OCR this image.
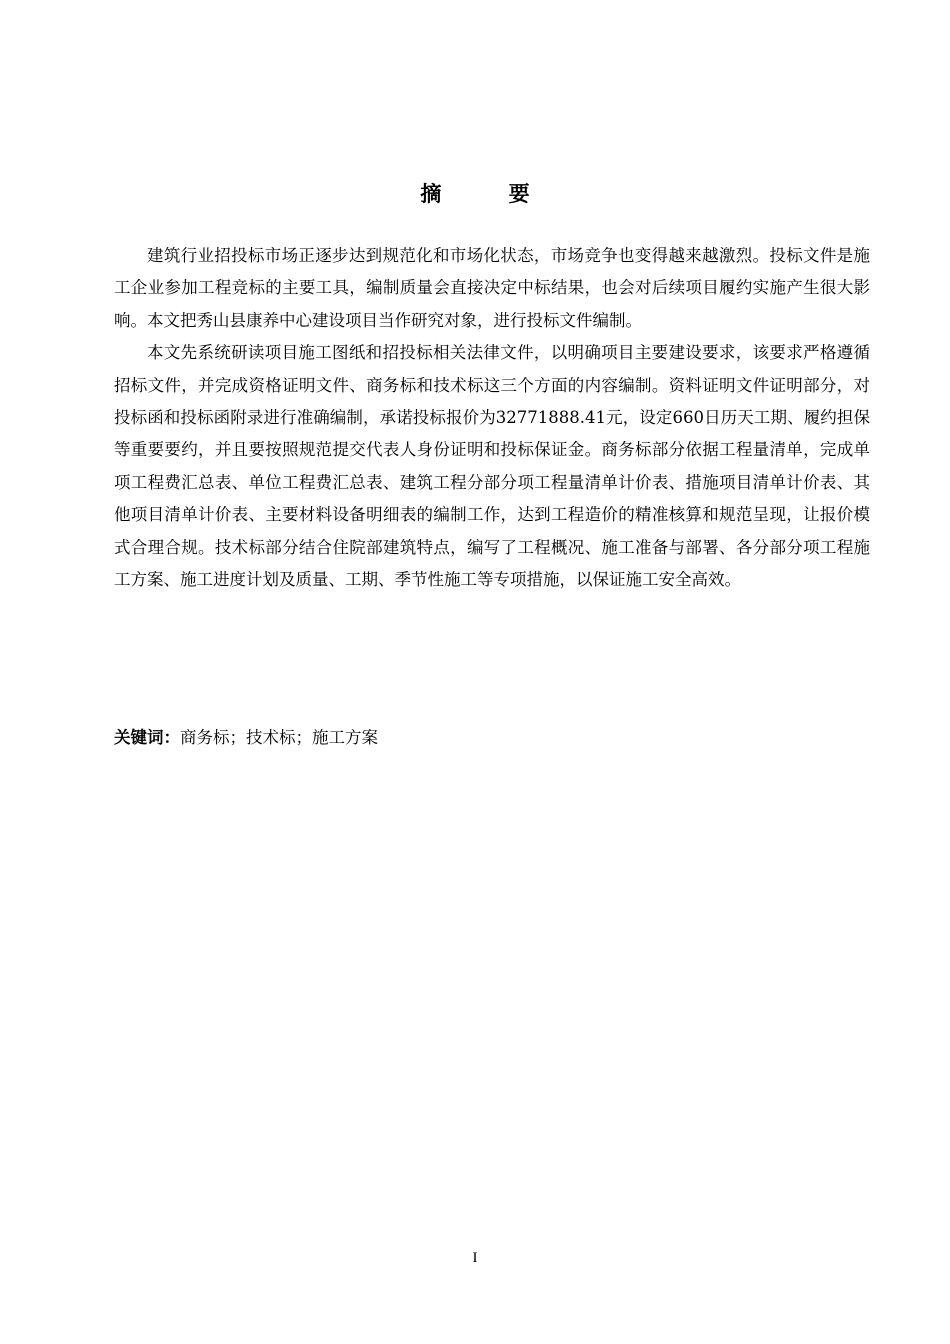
摘 要

建筑行业招投标市场正逐步达到规范化和市场化状态，市场竞争也变得越来越激烈。投标文件是施工企业参加工程竞标的主要工具，编制质量会直接决定中标结果，也会对后续项目履约实施产生很大影响。本文把秀山县康养中心建设项目当作研究对象，进行投标文件编制。

本文先系统研读项目施工图纸和招投标相关法律文件，以明确项目主要建设要求，该要求严格遵循招标文件，并完成资格证明文件、商务标和技术标这三个方面的内容编制。资料证明文件证明部分，对投标函和投标函附录进行准确编制，承诺投标报价为32771888.41元，设定660日历天工期、履约担保等重要要约，并且要按照规范提交代表人身份证明和投标保证金。商务标部分依据工程量清单，完成单项工程费汇总表、单位工程费汇总表、建筑工程分部分项工程量清单计价表、措施项目清单计价表、其他项目清单计价表、主要材料设备明细表的编制工作，达到工程造价的精准核算和规范呈现，让报价模式合理合规。技术标部分结合住院部建筑特点，编写了工程概况、施工准备与部署、各分部分项工程施工方案、施工进度计划及质量、工期、季节性施工等专项措施，以保证施工安全高效。

关键词：商务标；技术标；施工方案
I
